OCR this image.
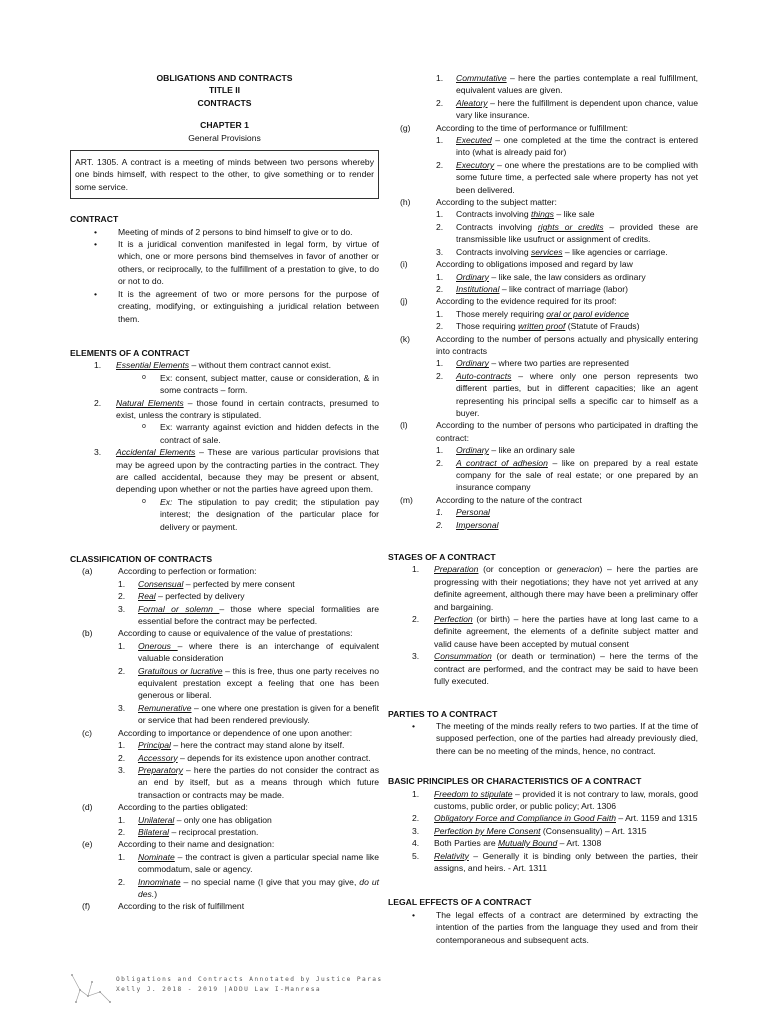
OBLIGATIONS AND CONTRACTS
TITLE II
CONTRACTS
CHAPTER 1
General Provisions
ART. 1305. A contract is a meeting of minds between two persons whereby one binds himself, with respect to the other, to give something or to render some service.
CONTRACT
• Meeting of minds of 2 persons to bind himself to give or to do.
• It is a juridical convention manifested in legal form, by virtue of which, one or more persons bind themselves in favor of another or others, or reciprocally, to the fulfillment of a prestation to give, to do or not to do.
• It is the agreement of two or more persons for the purpose of creating, modifying, or extinguishing a juridical relation between them.
ELEMENTS OF A CONTRACT
1. Essential Elements – without them contract cannot exist.
o Ex: consent, subject matter, cause or consideration, & in some contracts – form.
2. Natural Elements – those found in certain contracts, presumed to exist, unless the contrary is stipulated.
o Ex: warranty against eviction and hidden defects in the contract of sale.
3. Accidental Elements – These are various particular provisions that may be agreed upon by the contracting parties in the contract. They are called accidental, because they may be present or absent, depending upon whether or not the parties have agreed upon them.
o Ex: The stipulation to pay credit; the stipulation pay interest; the designation of the particular place for delivery or payment.
CLASSIFICATION OF CONTRACTS
(a)	According to perfection or formation:
1. Consensual – perfected by mere consent
2. Real – perfected by delivery
3. Formal or solemn – those where special formalities are essential before the contract may be perfected.
(b)	According to cause or equivalence of the value of prestations:
1. Onerous – where there is an interchange of equivalent valuable consideration
2. Gratuitous or lucrative – this is free, thus one party receives no equivalent prestation except a feeling that one has been generous or liberal.
3. Remunerative – one where one prestation is given for a benefit or service that had been rendered previously.
(c)	According to importance or dependence of one upon another:
1. Principal – here the contract may stand alone by itself.
2. Accessory – depends for its existence upon another contract.
3. Preparatory – here the parties do not consider the contract as an end by itself, but as a means through which future transaction or contracts may be made.
(d)	According to the parties obligated:
1. Unilateral – only one has obligation
2. Bilateral – reciprocal prestation.
(e)	According to their name and designation:
1. Nominate – the contract is given a particular special name like commodatum, sale or agency.
2. Innominate – no special name (I give that you may give, do ut des.)
(f)	According to the risk of fulfillment
1. Commutative – here the parties contemplate a real fulfillment, equivalent values are given.
2. Aleatory – here the fulfillment is dependent upon chance, value vary like insurance.
(g)	According to the time of performance or fulfillment:
1. Executed – one completed at the time the contract is entered into (what is already paid for)
2. Executory – one where the prestations are to be complied with some future time, a perfected sale where property has not yet been delivered.
(h)	According to the subject matter:
1. Contracts involving things – like sale
2. Contracts involving rights or credits – provided these are transmissible like usufruct or assignment of credits.
3. Contracts involving services – like agencies or carriage.
(i)	According to obligations imposed and regard by law
1. Ordinary – like sale, the law considers as ordinary
2. Institutional – like contract of marriage (labor)
(j)	According to the evidence required for its proof:
1. Those merely requiring oral or parol evidence
2. Those requiring written proof (Statute of Frauds)
(k)	According to the number of persons actually and physically entering into contracts
1. Ordinary – where two parties are represented
2. Auto-contracts – where only one person represents two different parties, but in different capacities; like an agent representing his principal sells a specific car to himself as a buyer.
(l)	According to the number of persons who participated in drafting the contract:
1. Ordinary – like an ordinary sale
2. A contract of adhesion – like on prepared by a real estate company for the sale of real estate; or one prepared by an insurance company
(m)	According to the nature of the contract
1. Personal
2. Impersonal
STAGES OF A CONTRACT
1. Preparation (or conception or generacion) – here the parties are progressing with their negotiations; they have not yet arrived at any definite agreement, although there may have been a preliminary offer and bargaining.
2. Perfection (or birth) – here the parties have at long last came to a definite agreement, the elements of a definite subject matter and valid cause have been accepted by mutual consent
3. Consummation (or death or termination) – here the terms of the contract are performed, and the contract may be said to have been fully executed.
PARTIES TO A CONTRACT
• The meeting of the minds really refers to two parties. If at the time of supposed perfection, one of the parties had already previously died, there can be no meeting of the minds, hence, no contract.
BASIC PRINCIPLES OR CHARACTERISTICS OF A CONTRACT
1. Freedom to stipulate – provided it is not contrary to law, morals, good customs, public order, or public policy; Art. 1306
2. Obligatory Force and Compliance in Good Faith – Art. 1159 and 1315
3. Perfection by Mere Consent (Consensuality) – Art. 1315
4. Both Parties are Mutually Bound – Art. 1308
5. Relativity – Generally it is binding only between the parties, their assigns, and heirs. - Art. 1311
LEGAL EFFECTS OF A CONTRACT
• The legal effects of a contract are determined by extracting the intention of the parties from the language they used and from their contemporaneous and subsequent acts.
Obligations and Contracts Annotated by Justice Paras
Xelly J. 2018 - 2019 |ADDU Law I-Manresa
